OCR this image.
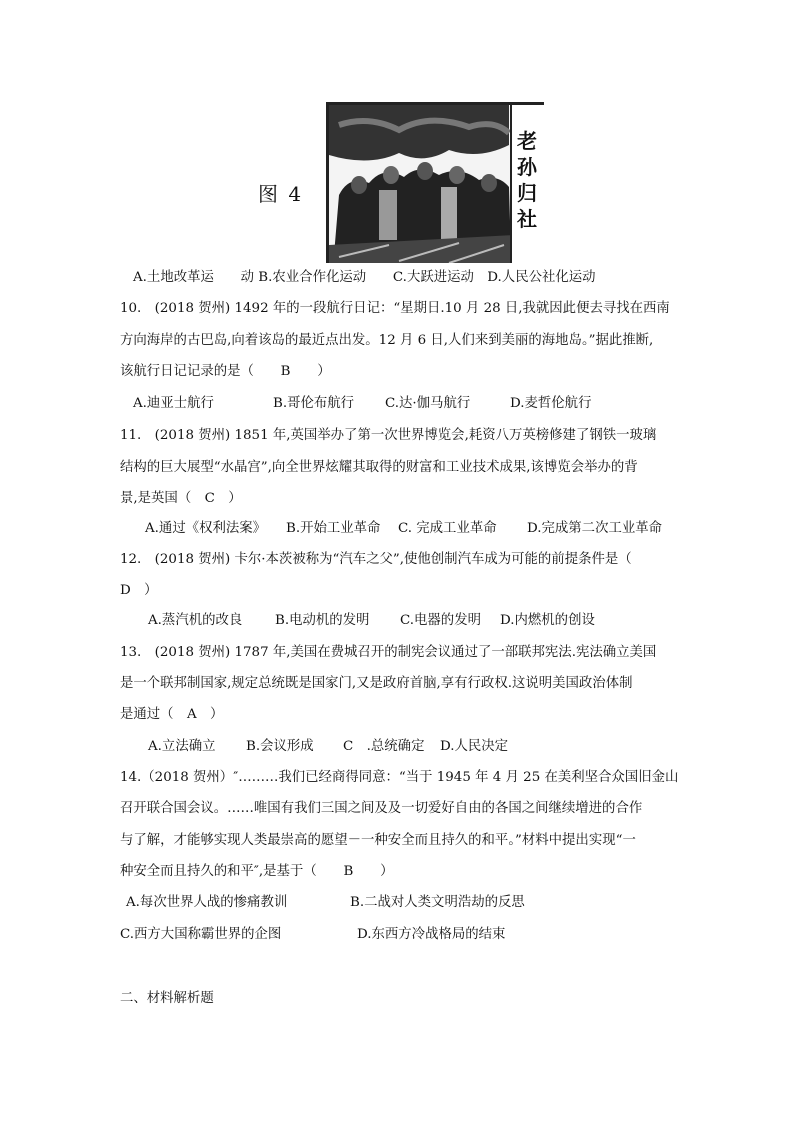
图 4
老
孙
归
社
A.土地改革运　　动 B.农业合作化运动　　C.大跃进运动　D.人民公社化运动
10.　(2018 贺州) 1492 年的一段航行日记：“星期日.10 月 28 日,我就因此便去寻找在西南
方向海岸的古巴岛,向着该岛的最近点出发。12 月 6 日,人们来到美丽的海地岛。”据此推断,
该航行日记记录的是（　　B　　）
A.迪亚士航行	B.哥伦布航行 C.达·伽马航行	D.麦哲伦航行
11.　(2018 贺州) 1851 年,英国举办了第一次世界博览会,耗资八万英榜修建了钢铁一玻璃
结构的巨大展型“水晶宫”,向全世界炫耀其取得的财富和工业技术成果,该博览会举办的背
景,是英国（　C　）
A.通过《权利法案》 B.开始工业革命 C. 完成工业革命 D.完成第二次工业革命
12.　(2018 贺州) 卡尔·本茨被称为“汽车之父”,使他创制汽车成为可能的前提条件是（
D　）
A.蒸汽机的改良 B.电动机的发明 C.电器的发明 D.内燃机的创设
13.　(2018 贺州) 1787 年,美国在费城召开的制宪会议通过了一部联邦宪法.宪法确立美国
是一个联邦制国家,规定总统既是国家门,又是政府首脑,享有行政权.这说明美国政治体制
是通过（　A　）
A.立法确立 B.会议形成 C　.总统确定 D.人民决定
14.（2018 贺州）″………我们已经商得同意：“当于 1945 年 4 月 25 在美利坚合众国旧金山
召开联合国会议。……唯国有我们三国之间及及一切爱好自由的各国之间继续增进的合作
与了解，才能够实现人类最崇高的愿望－一种安全而且持久的和平。”材料中提出实现“一
种安全而且持久的和平″,是基于（　　B　　）
A.每次世界人战的惨痛教训	B.二战对人类文明浩劫的反思
C.西方大国称霸世界的企图	D.东西方冷战格局的结束
二、材料解析题
